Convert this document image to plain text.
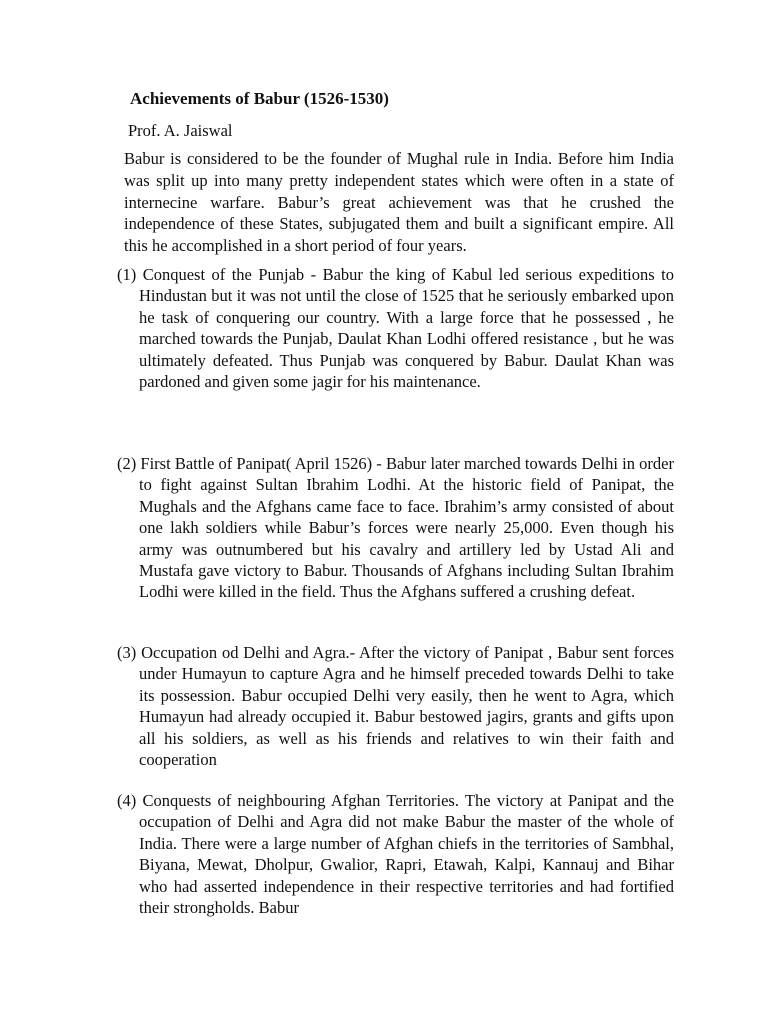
Achievements of Babur (1526-1530)
Prof. A. Jaiswal
Babur is considered to be the founder of Mughal rule in India. Before him India was split up into many pretty independent states which were often in a state of internecine warfare. Babur’s great achievement was that he crushed the independence of these States, subjugated them and built a significant empire. All this he accomplished in a short period of four years.
(1) Conquest of the Punjab - Babur the king of Kabul led serious expeditions to Hindustan but it was not until the close of 1525 that he seriously embarked upon he task of conquering our country. With a large force that he possessed , he marched towards the Punjab, Daulat Khan Lodhi offered resistance , but he was ultimately defeated. Thus Punjab was conquered by Babur. Daulat Khan was pardoned and given some jagir for his maintenance.
(2) First Battle of Panipat( April 1526) - Babur later marched towards Delhi in order to fight against Sultan Ibrahim Lodhi. At the historic field of Panipat, the Mughals and the Afghans came face to face. Ibrahim’s army consisted of about one lakh soldiers while Babur’s forces were nearly 25,000. Even though his army was outnumbered but his cavalry and artillery led by Ustad Ali and Mustafa gave victory to Babur. Thousands of Afghans including Sultan Ibrahim Lodhi were killed in the field. Thus the Afghans suffered a crushing defeat.
(3) Occupation od Delhi and Agra.- After the victory of Panipat , Babur sent forces under Humayun to capture Agra and he himself preceded towards Delhi to take its possession. Babur occupied Delhi very easily, then he went to Agra, which Humayun had already occupied it. Babur bestowed jagirs, grants and gifts upon all his soldiers, as well as his friends and relatives to win their faith and cooperation
(4) Conquests of neighbouring Afghan Territories. The victory at Panipat and the occupation of Delhi and Agra did not make Babur the master of the whole of India. There were a large number of Afghan chiefs in the territories of Sambhal, Biyana, Mewat, Dholpur, Gwalior, Rapri, Etawah, Kalpi, Kannauj and Bihar who had asserted independence in their respective territories and had fortified their strongholds. Babur
